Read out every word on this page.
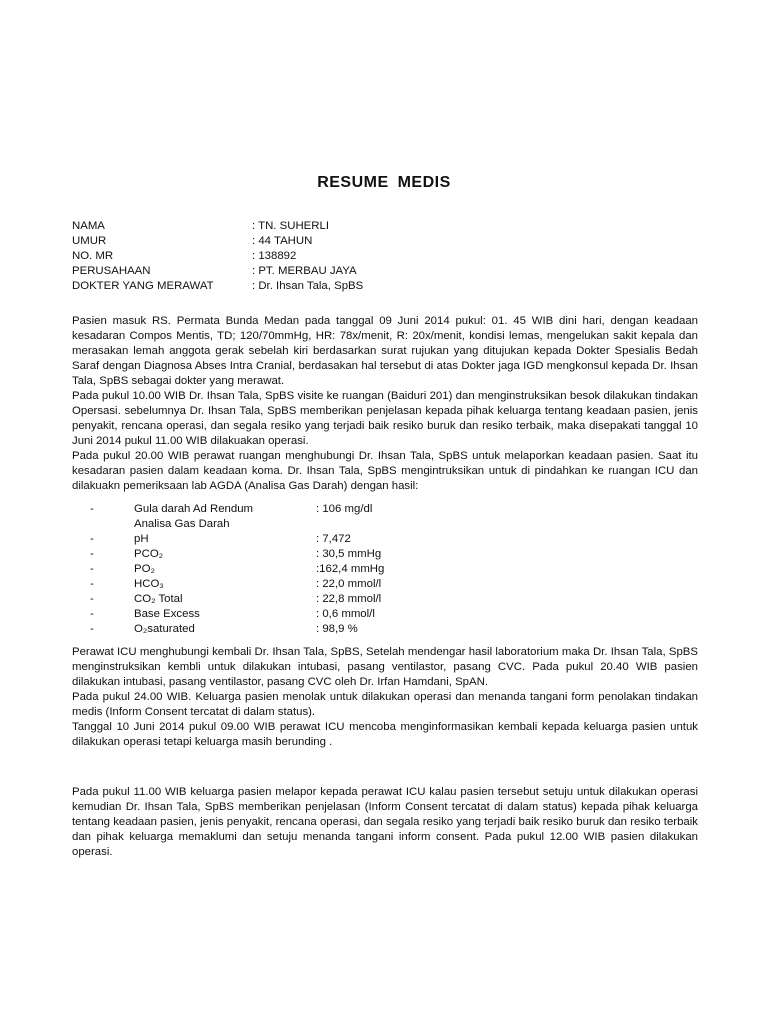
RESUME MEDIS
NAMA	: TN. SUHERLI
UMUR	: 44 TAHUN
NO. MR	: 138892
PERUSAHAAN	: PT. MERBAU JAYA
DOKTER YANG MERAWAT	: Dr. Ihsan Tala, SpBS

Pasien masuk RS. Permata Bunda Medan pada tanggal 09 Juni 2014 pukul: 01. 45 WIB dini hari, dengan keadaan kesadaran Compos Mentis, TD; 120/70mmHg, HR: 78x/menit, R: 20x/menit, kondisi lemas, mengelukan sakit kepala dan merasakan lemah anggota gerak sebelah kiri berdasarkan surat rujukan yang ditujukan kepada Dokter Spesialis Bedah Saraf dengan Diagnosa Abses Intra Cranial, berdasakan hal tersebut di atas Dokter jaga IGD mengkonsul kepada Dr. Ihsan Tala, SpBS sebagai dokter yang merawat.

Pada pukul 10.00 WIB Dr. Ihsan Tala, SpBS visite ke ruangan (Baiduri 201) dan menginstruksikan besok dilakukan tindakan Opersasi. sebelumnya Dr. Ihsan Tala, SpBS memberikan penjelasan kepada pihak keluarga tentang keadaan pasien, jenis penyakit, rencana operasi, dan segala resiko yang terjadi baik resiko buruk dan resiko terbaik, maka disepakati tanggal 10 Juni 2014 pukul 11.00 WIB dilakuakan operasi.

Pada pukul 20.00 WIB perawat ruangan menghubungi Dr. Ihsan Tala, SpBS untuk melaporkan keadaan pasien. Saat itu kesadaran pasien dalam keadaan koma. Dr. Ihsan Tala, SpBS mengintruksikan untuk di pindahkan ke ruangan ICU dan dilakuakn pemeriksaan lab AGDA (Analisa Gas Darah) dengan hasil:

-	Gula darah Ad Rendum	: 106 mg/dl
Analisa Gas Darah
-	pH	: 7,472
-	PCO₂	: 30,5 mmHg
-	PO₂	:162,4 mmHg
-	HCO₃	: 22,0 mmol/l
-	CO₂ Total	: 22,8 mmol/l
-	Base Excess	: 0,6 mmol/l
-	O₂saturated	: 98,9 %

Perawat ICU menghubungi kembali Dr. Ihsan Tala, SpBS, Setelah mendengar hasil laboratorium maka Dr. Ihsan Tala, SpBS menginstruksikan kembli untuk dilakukan intubasi, pasang ventilastor, pasang CVC. Pada pukul 20.40 WIB pasien dilakukan intubasi, pasang ventilastor, pasang CVC oleh Dr. Irfan Hamdani, SpAN.

Pada pukul 24.00 WIB. Keluarga pasien menolak untuk dilakukan operasi dan menanda tangani form penolakan tindakan medis (Inform Consent tercatat di dalam status).

Tanggal 10 Juni 2014 pukul 09.00 WIB perawat ICU mencoba menginformasikan kembali kepada keluarga pasien untuk dilakukan operasi tetapi keluarga masih berunding .

Pada pukul 11.00 WIB keluarga pasien melapor kepada perawat ICU kalau pasien tersebut setuju untuk dilakukan operasi kemudian Dr. Ihsan Tala, SpBS memberikan penjelasan (Inform Consent tercatat di dalam status) kepada pihak keluarga tentang keadaan pasien, jenis penyakit, rencana operasi, dan segala resiko yang terjadi baik resiko buruk dan resiko terbaik dan pihak keluarga memaklumi dan setuju menanda tangani inform consent. Pada pukul 12.00 WIB pasien dilakukan operasi.
